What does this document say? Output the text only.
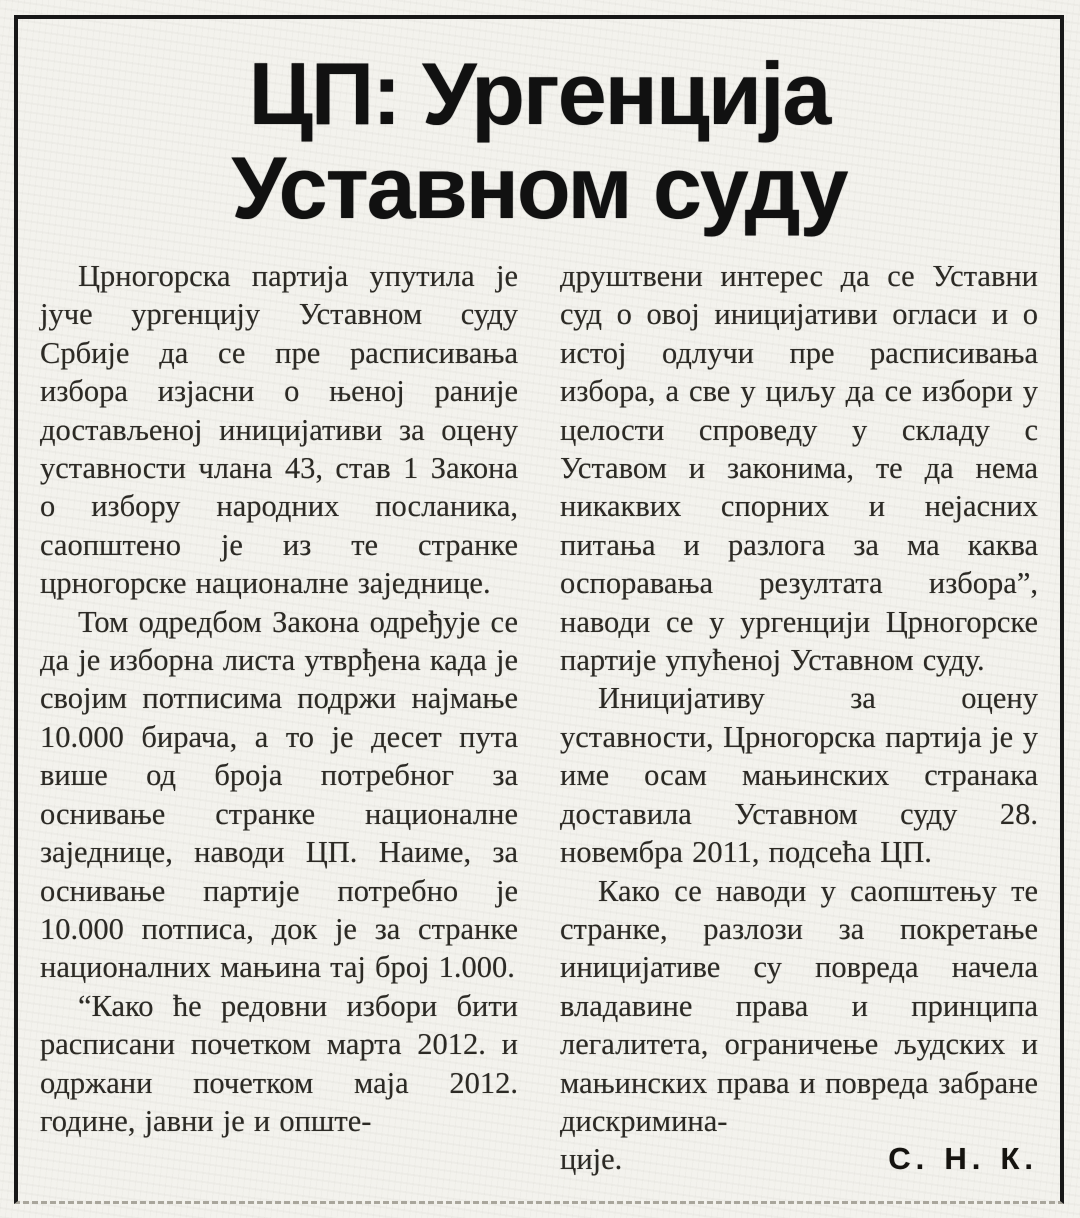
ЦП: Ургенција
Уставном суду

Црногорска партија упутила је јуче ургенцију Уставном суду Србије да се пре расписивања избора изјасни о њеној раније достављеној иницијативи за оцену уставности члана 43, став 1 Закона о избору народних посланика, саопштено је из те странке црногорске националне заједнице.

Том одредбом Закона одређује се да је изборна листа утврђена када је својим потписима подржи најмање 10.000 бирача, а то је десет пута више од броја потребног за оснивање странке националне заједнице, наводи ЦП. Наиме, за оснивање партије потребно је 10.000 потписа, док је за странке националних мањина тај број 1.000.

“Како ће редовни избори бити расписани почетком марта 2012. и одржани почетком маја 2012. године, јавни је и опште-

друштвени интерес да се Уставни суд о овој иницијативи огласи и о истој одлучи пре расписивања избора, а све у циљу да се избори у целости спроведу у складу с Уставом и законима, те да нема никаквих спорних и нејасних питања и разлога за ма каква оспоравања резултата избора”, наводи се у ургенцији Црногорске партије упућеној Уставном суду.

Иницијативу за оцену уставности, Црногорска партија је у име осам мањинских странака доставила Уставном суду 28. новембра 2011, подсећа ЦП.

Како се наводи у саопштењу те странке, разлози за покретање иницијативе су повреда начела владавине права и принципа легалитета, ограничење људских и мањинских права и повреда забране дискримина-

ције.	С. Н. К.
